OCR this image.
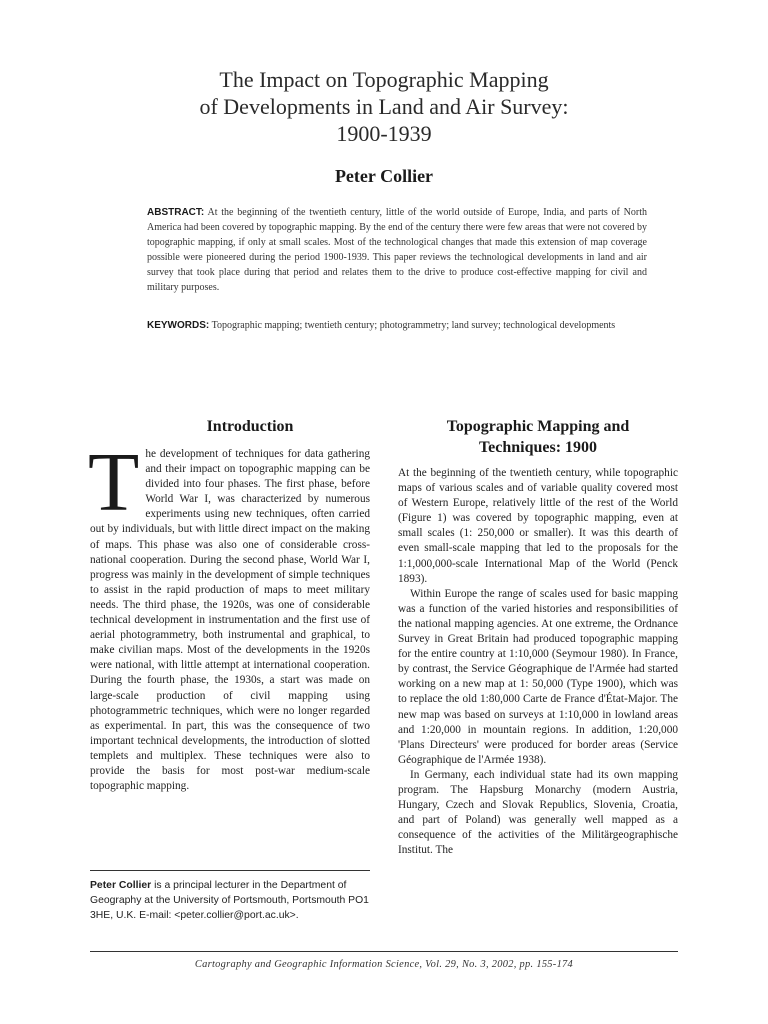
The Impact on Topographic Mapping
of Developments in Land and Air Survey:
1900-1939
Peter Collier
ABSTRACT: At the beginning of the twentieth century, little of the world outside of Europe, India, and parts of North America had been covered by topographic mapping. By the end of the century there were few areas that were not covered by topographic mapping, if only at small scales. Most of the technological changes that made this extension of map coverage possible were pioneered during the period 1900-1939. This paper reviews the technological developments in land and air survey that took place during that period and relates them to the drive to produce cost-effective mapping for civil and military purposes.
KEYWORDS: Topographic mapping; twentieth century; photogrammetry; land survey; technological developments
Introduction

T he development of techniques for data gathering and their impact on topographic mapping can be divided into four phases. The first phase, before World War I, was characterized by numerous experiments using new techniques, often carried out by individuals, but with little direct impact on the making of maps. This phase was also one of considerable cross-national cooperation. During the second phase, World War I, progress was mainly in the development of simple techniques to assist in the rapid production of maps to meet military needs. The third phase, the 1920s, was one of considerable technical development in instrumentation and the first use of aerial photogrammetry, both instrumental and graphical, to make civilian maps. Most of the developments in the 1920s were national, with little attempt at international cooperation. During the fourth phase, the 1930s, a start was made on large-scale production of civil mapping using photogrammetric techniques, which were no longer regarded as experimental. In part, this was the consequence of two important technical developments, the introduction of slotted templets and multiplex. These techniques were also to provide the basis for most post-war medium-scale topographic mapping.

Peter Collier is a principal lecturer in the Department of Geography at the University of Portsmouth, Portsmouth PO1 3HE, U.K. E-mail: <peter.collier@port.ac.uk>.
Topographic Mapping and
Techniques: 1900

At the beginning of the twentieth century, while topographic maps of various scales and of variable quality covered most of Western Europe, relatively little of the rest of the World (Figure 1) was covered by topographic mapping, even at small scales (1: 250,000 or smaller). It was this dearth of even small-scale mapping that led to the proposals for the 1:1,000,000-scale International Map of the World (Penck 1893).

Within Europe the range of scales used for basic mapping was a function of the varied histories and responsibilities of the national mapping agencies. At one extreme, the Ordnance Survey in Great Britain had produced topographic mapping for the entire country at 1:10,000 (Seymour 1980). In France, by contrast, the Service Géographique de l'Armée had started working on a new map at 1: 50,000 (Type 1900), which was to replace the old 1:80,000 Carte de France d'État-Major. The new map was based on surveys at 1:10,000 in lowland areas and 1:20,000 in mountain regions. In addition, 1:20,000 'Plans Directeurs' were produced for border areas (Service Géographique de l'Armée 1938).

In Germany, each individual state had its own mapping program. The Hapsburg Monarchy (modern Austria, Hungary, Czech and Slovak Republics, Slovenia, Croatia, and part of Poland) was generally well mapped as a consequence of the activities of the Militärgeographische Institut. The

Cartography and Geographic Information Science, Vol. 29, No. 3, 2002, pp. 155-174
